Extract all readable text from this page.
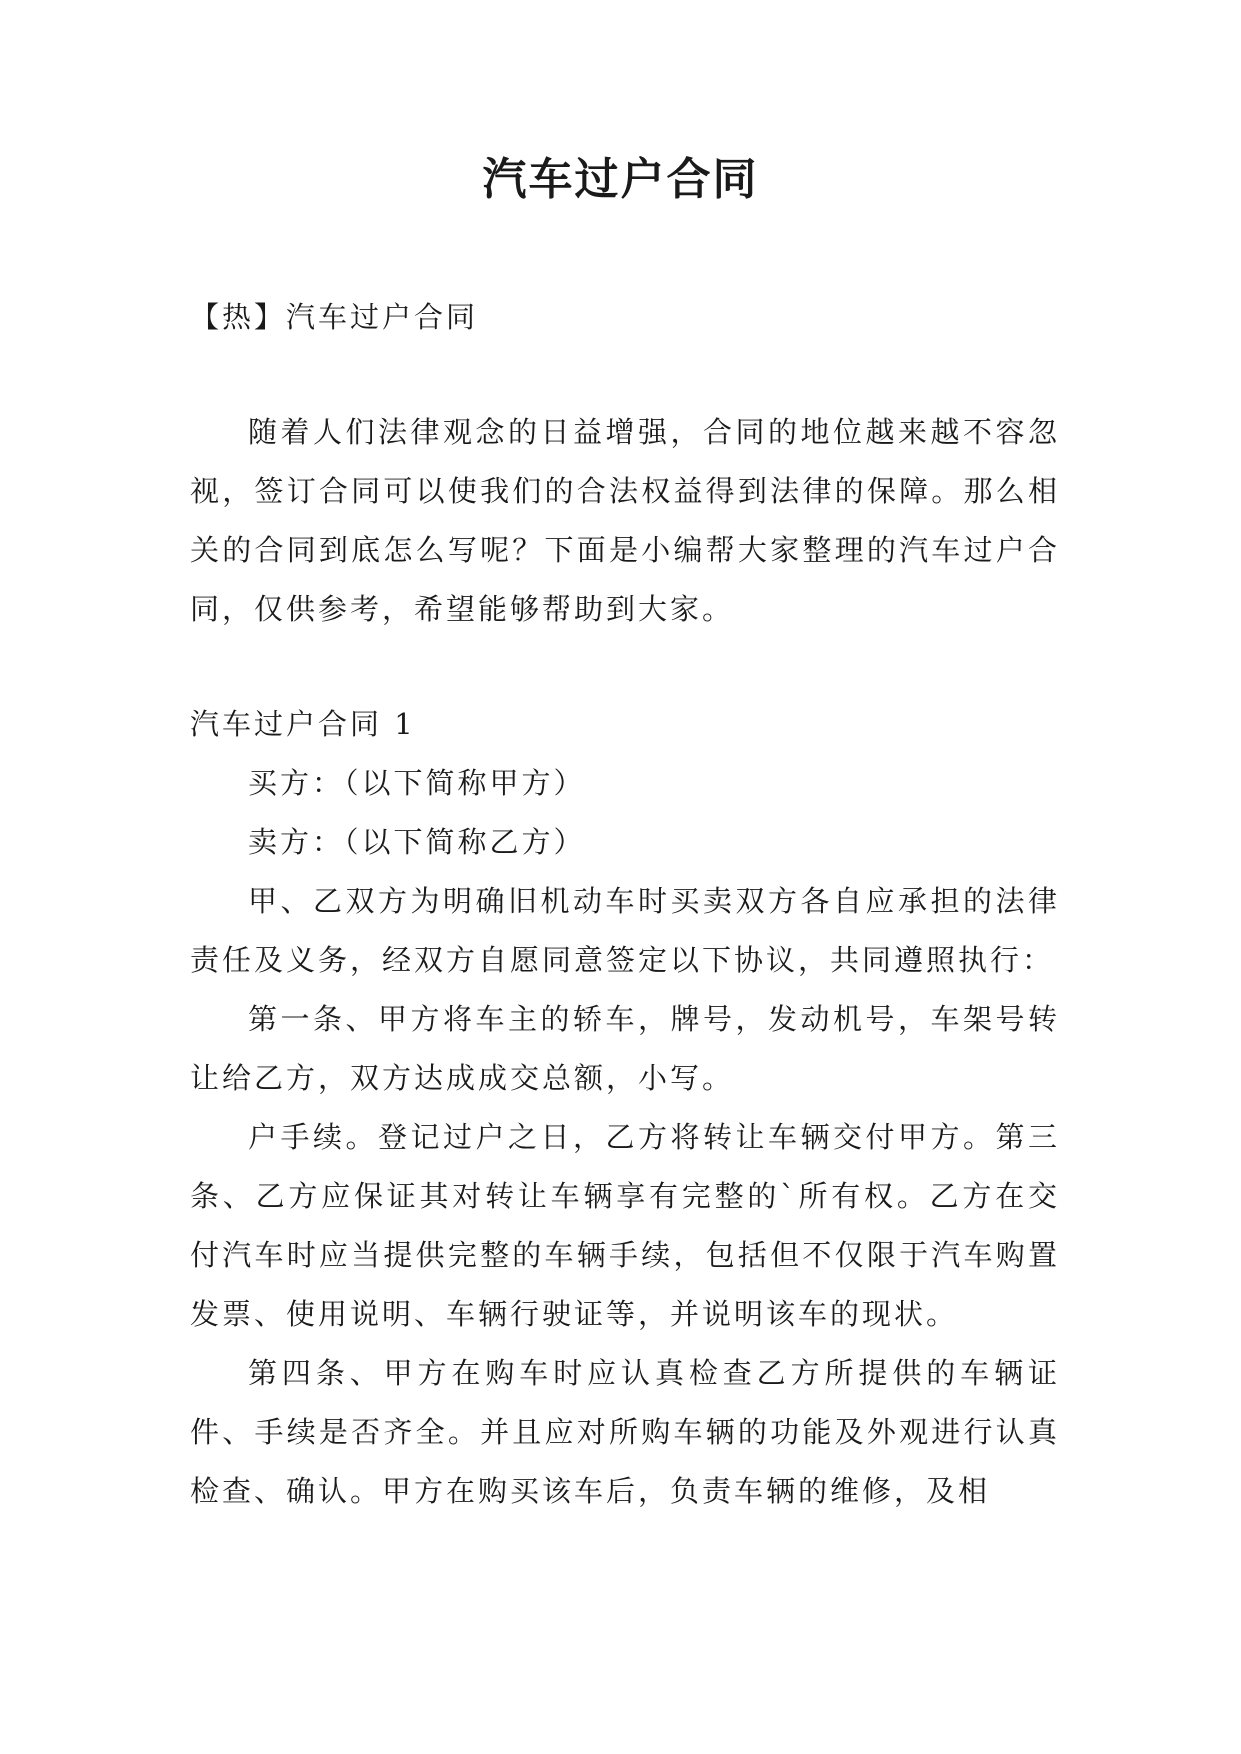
汽车过户合同

【热】汽车过户合同

随着人们法律观念的日益增强，合同的地位越来越不容忽视，签订合同可以使我们的合法权益得到法律的保障。那么相关的合同到底怎么写呢？下面是小编帮大家整理的汽车过户合同，仅供参考，希望能够帮助到大家。

汽车过户合同 1

买方：（以下简称甲方）

卖方：（以下简称乙方）

甲、乙双方为明确旧机动车时买卖双方各自应承担的法律责任及义务，经双方自愿同意签定以下协议，共同遵照执行：

第一条、甲方将车主的轿车，牌号，发动机号，车架号转让给乙方，双方达成成交总额，小写。

户手续。登记过户之日，乙方将转让车辆交付甲方。第三条、乙方应保证其对转让车辆享有完整的`所有权。乙方在交付汽车时应当提供完整的车辆手续，包括但不仅限于汽车购置发票、使用说明、车辆行驶证等，并说明该车的现状。

第四条、甲方在购车时应认真检查乙方所提供的车辆证件、手续是否齐全。并且应对所购车辆的功能及外观进行认真检查、确认。甲方在购买该车后，负责车辆的维修，及相
